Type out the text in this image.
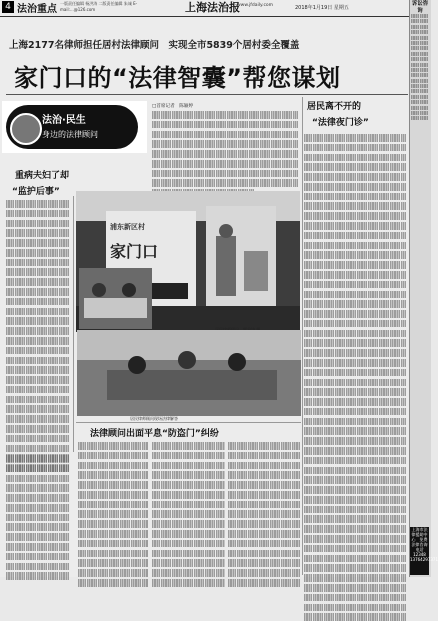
4 法治重点
一版责任编辑 杨洪涛 二版责任编辑 朱诚 E-mail:...@126.com	上海法治报
www.jfdaily.com	2018年1月19日 星期五
上海2177名律师担任居村法律顾问　实现全市5839个居村委全覆盖
家门口的“法律智囊”帮您谋划
法治·民生
身边的法律顾问
□首席记者　陈颖婷	居民离不开的
“法律夜门诊”
重病夫妇了却
“监护后事”
浦东新区村
家门口
居民律师顾问现场法律解答
法律顾问出面平息“防盗门”纠纷
诉讼咨询
上海市法律援助中心　免费法律咨询电话　12348　13764297371
